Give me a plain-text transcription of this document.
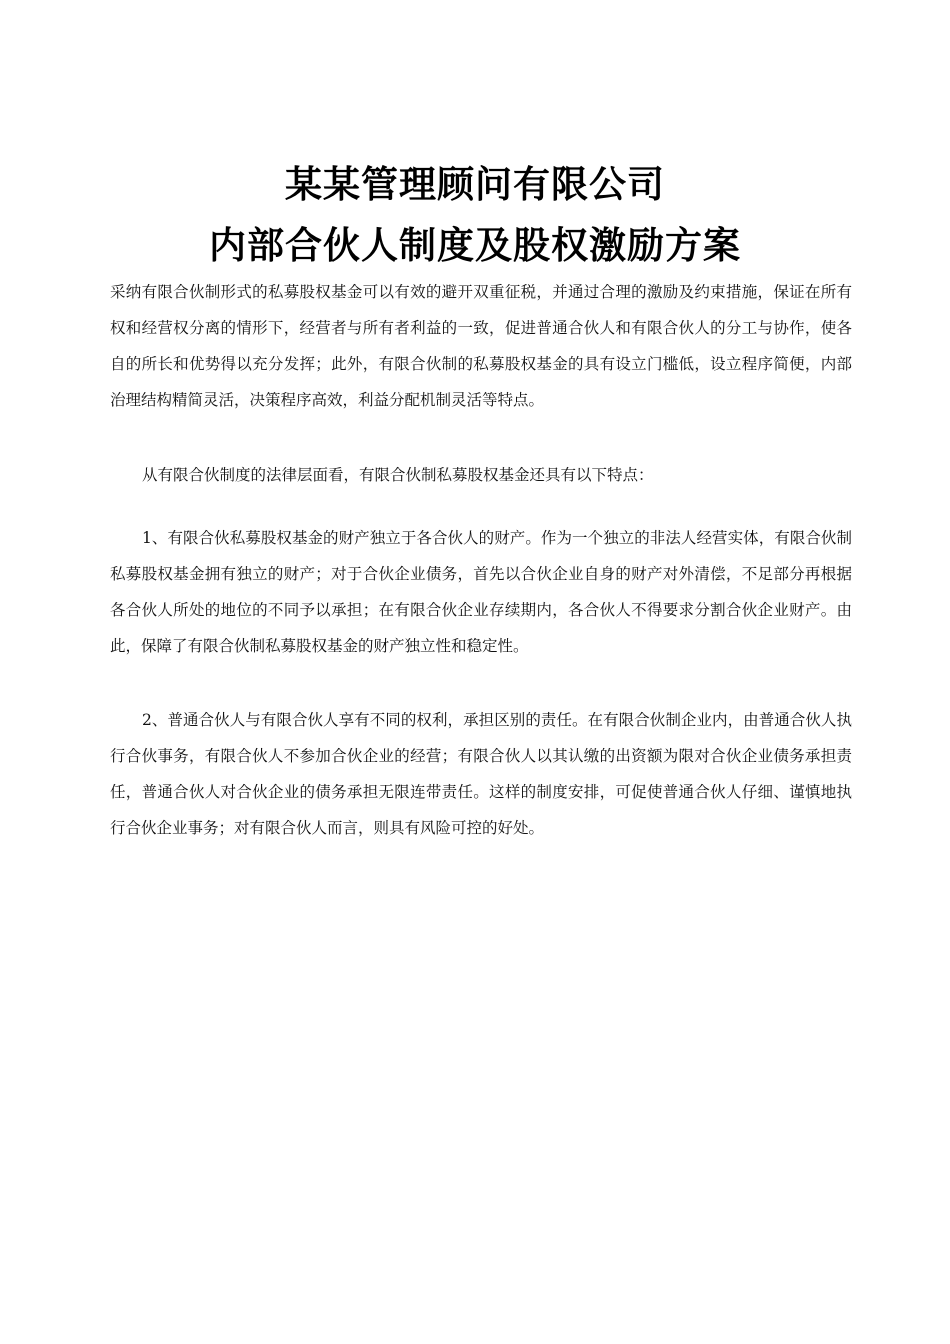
某某管理顾问有限公司
内部合伙人制度及股权激励方案
采纳有限合伙制形式的私募股权基金可以有效的避开双重征税，并通过合理的激励及约束措施，保证在所有权和经营权分离的情形下，经营者与所有者利益的一致，促进普通合伙人和有限合伙人的分工与协作，使各自的所长和优势得以充分发挥；此外，有限合伙制的私募股权基金的具有设立门槛低，设立程序简便，内部治理结构精简灵活，决策程序高效，利益分配机制灵活等特点。
从有限合伙制度的法律层面看，有限合伙制私募股权基金还具有以下特点：
1、有限合伙私募股权基金的财产独立于各合伙人的财产。作为一个独立的非法人经营实体，有限合伙制私募股权基金拥有独立的财产；对于合伙企业债务，首先以合伙企业自身的财产对外清偿，不足部分再根据各合伙人所处的地位的不同予以承担；在有限合伙企业存续期内，各合伙人不得要求分割合伙企业财产。由此，保障了有限合伙制私募股权基金的财产独立性和稳定性。
2、普通合伙人与有限合伙人享有不同的权利，承担区别的责任。在有限合伙制企业内，由普通合伙人执行合伙事务，有限合伙人不参加合伙企业的经营；有限合伙人以其认缴的出资额为限对合伙企业债务承担责任，普通合伙人对合伙企业的债务承担无限连带责任。这样的制度安排，可促使普通合伙人仔细、谨慎地执行合伙企业事务；对有限合伙人而言，则具有风险可控的好处。
